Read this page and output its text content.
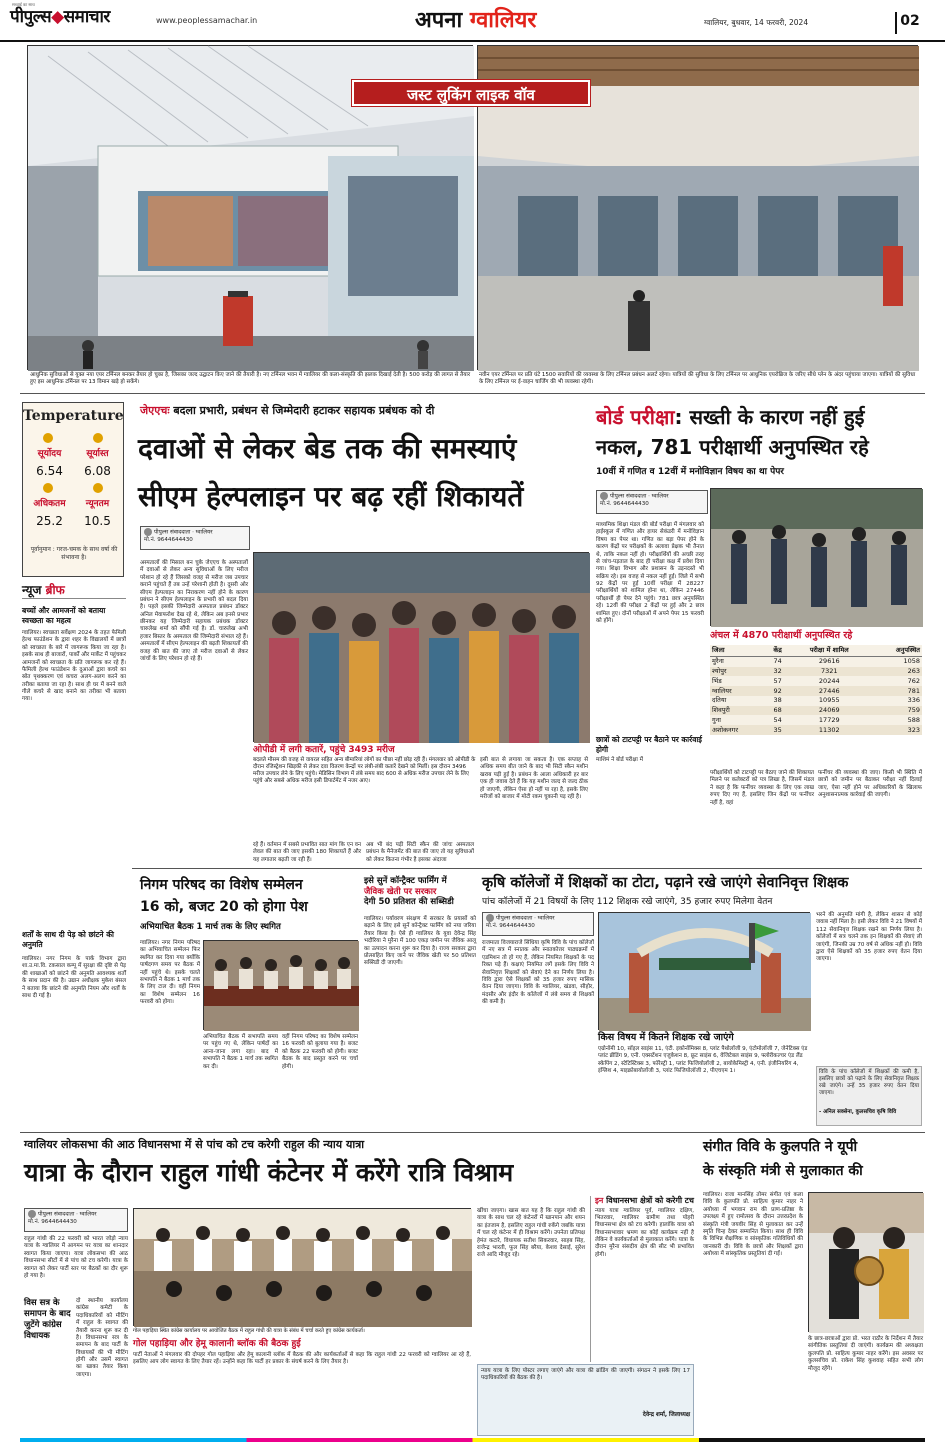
सच्चाई का साथ
पीपुल्स◆समाचार	www.peoplessamachar.in	अपना ग्वालियर	ग्वालियर, बुधवार, 14 फरवरी, 2024	02
जस्ट लुकिंग लाइक वॉव
आधुनिक सुविधाओं से युक्त नया एयर टर्मिनल बनकर तैयार हो चुका है, जिसका जल्द उद्घाटन किए जाने की तैयारी है। नए टर्मिनल भवन में ग्वालियर की कला-संस्कृति की झलक दिखाई देती है। 500 करोड़ की लागत से तैयार हुए इस आधुनिक टर्मिनल पर 13 विमान खड़े हो सकेंगे।
नवीन एयर टर्मिनल पर प्रति घंटे 1500 सवारियों की व्यवस्था के लिए टर्मिनल प्रबंधन अलर्ट रहेगा। यात्रियों की सुविधा के लिए टर्मिनल पर आधुनिक एयरोब्रिज के जरिए सीधे प्लेन के अंदर पहुंचाया जाएगा। यात्रियों की सुविधा के लिए टर्मिनल पर ई-वाहन चार्जिंग की भी व्यवस्था रहेगी।
Temperature
सूर्योदय	सूर्यास्त
6.54	6.08
अधिकतम	न्यूनतम
25.2	10.5
पूर्वानुमान : गरज-चमक के साथ वर्षा की संभावना है।
न्यूज ब्रीफ
बच्चों और आमजनों को बताया स्वच्छता का महत्व
ग्वालियर। स्वच्छता सर्वेक्षण 2024 के तहत फेमिली हेल्थ फाउंडेशन के द्वारा शहर के विद्यालयों में छात्रों को स्वच्छता के बारे में जागरूक किया जा रहा है। इसके साथ ही बाजारों, पार्कों और मार्केट में पहुंचकर आमजनों को स्वच्छता के प्रति जागरूक कर रहे हैं। फैमिली हेल्थ फाउंडेशन के दुआओं द्वारा कचरे का स्रोत पृथक्करण एवं कचरा अलग-अलग करने का तरीका बताया जा रहा है। साथ ही घर में बनने वाले गीले कचरे से खाद बनाने का तरीका भी बताया गया।
शर्तों के साथ दी पेड़ को छांटने की अनुमति
ग्वालियर। नगर निगम के पार्क विभाग द्वारा शा.उ.मा.वि. टकसाल कम्पू में सुरक्षा की दृष्टि से पेड़ की शाखाओं को छांटने की अनुमति आवश्यक शर्तों के साथ प्रदान की है। उद्यान अधीक्षक मुकेश बंसल ने बताया कि छांटने की अनुमति नियम और शर्तों के साथ दी गई है।
जेएएचः बदला प्रभारी, प्रबंधन से जिम्मेदारी हटाकर सहायक प्रबंधक को दी
दवाओं से लेकर बेड तक की समस्याएं
सीएम हेल्पलाइन पर बढ़ रहीं शिकायतें
पीपुल्स संवाददाता · ग्वालियर
मो.नं. 9644644430
अस्पतालों की मिसाल बन चुके जेएएच के अस्पतालों में दवाओं से लेकर अन्य सुविधाओं के लिए मरीज परेशान हो रहे हैं जिसको वजह से मरीज जब उपचार कराने पहुंचते हैं तब उन्हें परेशानी होती है। दूसरी ओर सीएम हेल्पलाइन का निराकरण नहीं होने के कारण प्रबंधन ने सीएम हेल्पलाइन के प्रभारी को बदल दिया है। पहले इसकी जिम्मेदारी अस्पताल प्रबंधन डॉक्टर अनिल मेवाफरोश देख रहे थे, लेकिन अब इनसे प्रभार छीनकर यह जिम्मेदारी सहायक प्रबंधक डॉक्टर चारुलेख शर्मा को सौंपी गई है। डॉ. चारुलेख अभी हजार बिस्तर के अस्पताल की जिम्मेदारी संभाल रहे हैं। अस्पतालों में सीएम हेल्पलाइन की बढ़ती शिकायतों की वजह की बात की जाए तो मरीज दवाओं से लेकर जांचों के लिए परेशान हो रहे हैं।
ओपीडी में लगी कतारें, पहुंचे 3493 मरीज
बदलते मौसम की वजह से वायरल सहित अन्य बीमारियां लोगों का पीछा नहीं छोड़ रही हैं। मंगलवार को ओपीडी के दौरान रजिस्ट्रेशन खिड़की से लेकर दवा वितरण केन्द्रों पर लंबी-लंबी कतारें देखने को मिलीं। इस दौरान 3496 मरीज उपचार लेने के लिए पहुंचे। मेडिसिन विभाग में लंबे समय बाद 600 से अधिक मरीज उपचार लेने के लिए पहुंचे और सबसे अधिक मरीज इसी डिपार्टमेंट में नजर आए।
इसी बात से लगाया जा सकता है। एक सप्ताह से अधिक समय बीत जाने के बाद भी सिटी स्कैन मशीन खराब पड़ी हुई है। प्रबंधन के आला अधिकारी हर बार एक ही जवाब देते हैं कि यह मशीन जल्द से जल्द ठीक हो जाएगी, लेकिन ऐसा हो नहीं पा रहा है, इसके लिए मरीजों को बाजार में मोटी रकम चुकानी पड़ रही है।
रहे हैं। वर्तमान में सबसे प्रभावित सात मांग कि एन वन लेवल की बात की जाए इसकी 180 शिकायतें हैं और यह लगातार बढ़ती जा रही हैं।
अब भी बंद पड़ी सिटी स्कैन की जांचः अस्पताल प्रबंधन के मैनेजमेंट की बात की जाए तो यह सुविधाओं को लेकर कितना गंभीर है इसका अंदाजा
बोर्ड परीक्षा: सख्ती के कारण नहीं हुई
नकल, 781 परीक्षार्थी अनुपस्थित रहे
10वीं में गणित व 12वीं में मनोविज्ञान विषय का था पेपर
पीपुल्स संवाददाता · ग्वालियर
मो.नं. 9644644430
माध्यमिक शिक्षा मंडल की बोर्ड परीक्षा में मंगलवार को हाईस्कूल में गणित और हायर सेकंडरी में मनोविज्ञान विषय का पेपर था। गणित का बड़ा पेपर होने के कारण केंद्रों पर परीक्षकों के अलावा प्रेक्षक भी तैनात थे, ताकि नकल नहीं हो। परीक्षार्थियों की अच्छी तरह से जांच-पड़ताल के बाद ही परीक्षा कक्ष में प्रवेश दिया गया। शिक्षा विभाग और प्रशासन के उड़नदस्ते भी सक्रिय रहे। इस वजह से नकल नहीं हुई। जिले में सभी 92 केंद्रों पर हुई 10वीं परीक्षा में 28227 परीक्षार्थियों को शामिल होना था, लेकिन 27446 परीक्षार्थी ही पेपर देने पहुंचे। 781 छात्र अनुपस्थित रहे। 12वीं की परीक्षा 2 केंद्रों पर हुई और 2 छात्र शामिल हुए। दोनों परीक्षाओं में अपने पेपर 15 फरवरी को होंगे।
छात्रों को टाटपट्टी पर बैठाने पर कार्रवाई होगी
माशिमं ने बोर्ड परीक्षा में
अंचल में 4870 परीक्षार्थी अनुपस्थित रहे
जिला	केंद्र	परीक्षा में शामिल	अनुपस्थित
मुरैना	74	29616	1058
श्योपुर	32	7321	263
भिंड	57	20244	762
ग्वालियर	92	27446	781
दतिया	38	10955	336
शिवपुरी	68	24069	759
गुना	54	17729	588
अशोकनगर	35	11302	323
परीक्षार्थियों को टाटपट्टी पर बैठाए जाने की शिकायत मिलने पर कलेक्टरों को पत्र लिखा है, जिसमें मंडल ने कहा है कि फर्नीचर व्यवस्था के लिए एक लाख रुपए दिए गए हैं, इसलिए जिन केंद्रों पर फर्नीचर नहीं है, वहां
फर्नीचर की व्यवस्था की जाए। किसी भी स्थिति में छात्रों को जमीन पर बैठाकर परीक्षा नहीं दिलाई जाए, ऐसा नहीं होने पर अधिकारियों के खिलाफ अनुशासनात्मक कार्रवाई की जाएगी।
निगम परिषद का विशेष सम्मेलन
16 को, बजट 20 को होगा पेश
अभियाचित बैठक 1 मार्च तक के लिए स्थगित
ग्वालियर। नगर निगम परिषद का अभियाचित सम्मेलन फिर स्थगित कर दिया गया क्योंकि पार्षदगण समय पर बैठक में नहीं पहुंचे थे। इसके चलते सभापति ने बैठक 1 मार्च तक के लिए टाल दी। वहीं निगम का विशेष सम्मेलन 16 फरवरी को होगा।
अभियाचित बैठक में सभापति समय पर पहुंच गए थे, लेकिन पार्षदों का आना-जाना लगा रहा। बाद में सभापति ने बैठक 1 मार्च तक स्थगित कर दी।
वहीं निगम परिषद का विशेष सम्मेलन 16 फरवरी को बुलाया गया है। बजट को बैठक 22 फरवरी को होगी। बजट बैठक के बाद प्रस्तुत करने पर चर्चा होगी।
इसे सुनें कॉन्ट्रैक्ट फार्मिंग में
जैविक खेती पर सरकार
देगी 50 प्रतिशत की सब्सिडी
ग्वालियर। पर्यावरण संरक्षण में सरकार के प्रयासों को बढ़ाने के लिए इसे सुनें कॉन्ट्रैक्ट फार्मिंग को नया जरिया तैयार किया है। ऐसे ही ग्वालियर के युवा देवेन्द्र सिंह भदौरिया ने मुरैना में 100 एकड़ जमीन पर जैविक आलू का उत्पादन करना शुरू कर दिया है। राज्य सरकार द्वारा प्रोत्साहित किए जाने पर जैविक खेती पर 50 प्रतिशत सब्सिडी दी जाएगी।
कृषि कॉलेजों में शिक्षकों का टोटा, पढ़ाने रखे जाएंगे सेवानिवृत्त शिक्षक
पांच कॉलेजों में 21 विषयों के लिए 112 शिक्षक रखे जाएंगे, 35 हजार रुपए मिलेगा वेतन
पीपुल्स संवाददाता · ग्वालियर
मो.नं. 9644644430
राजमाता विजयाराजे सिंधिया कृषि विवि के पांच कॉलेजों में नए सत्र में स्नातक और स्नातकोत्तर पाठ्यक्रमों में एडमिशन तो हो गए हैं, लेकिन नियमित शिक्षकों के पद रिक्त पड़े हैं। कक्षाएं नियमित लगें इसके लिए विवि ने सेवानिवृत्त शिक्षकों को सेवाएं देने का निर्णय लिया है। विवि द्वारा ऐसे शिक्षकों को 35 हजार रुपए मासिक वेतन दिया जाएगा। विवि के ग्वालियर, खंडवा, सीहोर, मंदसौर और इंदौर के कॉलेजों में लंबे समय से शिक्षकों की कमी है।
किस विषय में कितने शिक्षक रखे जाएंगे
एग्रोनॉमी 10, सॉइल साइंस 11, एंटी. इकोनॉमिक्स 8, प्लांट पैथोलॉजी 9, एंटोमोलॉजी 7, जेनेटिक्स एंड प्लांट ब्रीडिंग 9, एनी. एक्सटेंशन एजुकेशन 8, फ्रूट साइंस 6, वेजिटेबल साइंस 9, फ्लोरीकल्चर एंड लैंड स्केपिंग 2, स्टेटिस्टिक्स 3, फॉरेस्ट्री 1, प्लांट फिजियोलॉजी 2, बायोकेमिस्ट्री 4, एनी. इंजीनियरिंग 4, इंग्लिश 4, माइक्रोबायोलॉजी 3, प्लांट फिजियोलॉजी 2, पीएचएम 1।
भरने की अनुमति मांगी है, लेकिन शासन से कोई जवाब नहीं मिला है। इसी लेकर विवि ने 21 विषयों में 112 सेवानिवृत्त शिक्षक रखने का निर्णय लिया है। कॉलेजों में सत्र चलने तक इन शिक्षकों की सेवाएं ली जाएंगी, जिनकी उम्र 70 वर्ष से अधिक नहीं हो। विवि द्वारा ऐसे शिक्षकों को 35 हजार रुपए वेतन दिया जाएगा।
विवि के पांच कॉलेजों में शिक्षकों की कमी है, इसलिए छात्रों को पढ़ाने के लिए सेवानिवृत्त शिक्षक रखे जाएंगे। उन्हें 35 हजार रुपए वेतन दिया जाएगा।
- अनिल सक्सेना, कुलसचिव कृषि विवि
ग्वालियर लोकसभा की आठ विधानसभा में से पांच को टच करेगी राहुल की न्याय यात्रा
यात्रा के दौरान राहुल गांधी कंटेनर में करेंगे रात्रि विश्राम
पीपुल्स संवाददाता · ग्वालियर
मो.नं. 9644644430
राहुल गांधी की 22 फरवरी को भारत जोड़ो न्याय यात्रा के ग्वालियर में आगमन पर यात्रा का शानदार स्वागत किया जाएगा। यात्रा लोकसभा की आठ विधानसभा सीटों में से पांच को टच करेगी। यात्रा के स्वागत को लेकर पार्टी स्तर पर बैठकों का दौर शुरू हो गया है।
विस सत्र के समापन के बाद जुटेंगे कांग्रेस विधायक
दो स्थानीय कार्यालय कांग्रेस कमेटी के पदाधिकारियों को मीटिंग में राहुल के स्वागत की तैयारी करना शुरू कर दी है। विधानसभा सत्र के समापन के बाद पार्टी के विधायकों की भी मीटिंग होगी और उसमें स्वागत का खाका तैयार किया जाएगा।
गोल पहाड़िया स्थित कांग्रेस कार्यालय पर आयोजित बैठक में राहुल गांधी की यात्रा के संबंध में चर्चा करते हुए कांग्रेस कार्यकर्ता।
गोल पहाड़िया और हेमू कालानी ब्लॉक की बैठक हुई
पार्टी नेताओं ने मंगलवार की दोपहर गोल पहाड़िया और हेमू कालानी ब्लॉक में बैठक की और कार्यकर्ताओं से कहा कि राहुल गांधी 22 फरवरी को ग्वालियर आ रहे हैं, इसलिए आप लोग स्वागत के लिए तैयार रहें। उन्होंने कहा कि पार्टी हर प्रकार के संघर्ष करने के लिए तैयार है।
खींचा जाएगा। खास बात यह है कि राहुल गांधी की यात्रा के साथ चल रहे कंटेनरों में खानपान और शयन का इंतजाम है, इसलिए राहुल गांधी रुकेंगे जबकि यात्रा में चल रहे कंटेनर में ही विश्राम करेंगे। उपनेता प्रतिपक्ष हेमंत कटारे, विधायक सतीश सिकरवार, साहब सिंह, राजेन्द्र भारती, फूल सिंह बरैया, केशव देसाई, सुरेश राजे आदि मौजूद रहे।
इन विधानसभा क्षेत्रों को करेगी टच
न्याय यात्रा ग्वालियर पूर्व, ग्वालियर दक्षिण, भितरवार, ग्वालियर ग्रामीण तथा पोहरी विधानसभा क्षेत्र को टच करेगी। हालांकि यात्रा को विधानसभावार भ्रमण का कोई कार्यक्रम नहीं है लेकिन वे कार्यकर्ताओं से मुलाकात करेंगे। यात्रा के दौरान मुरैना संसदीय क्षेत्र की सीट भी प्रभावित होगी।
न्याय यात्रा के लिए पोस्टर लगाए जाएंगे और यात्रा की ब्रांडिंग की जाएगी। संगठन ने इसके लिए 17 पदाधिकारियों की बैठक की है।
देवेन्द्र शर्मा, जिलाध्यक्ष
संगीत विवि के कुलपति ने यूपी
के संस्कृति मंत्री से मुलाकात की
ग्वालियर। राजा मानसिंह तोमर संगीत एवं कला विवि के कुलपति प्रो. साहित्य कुमार नाहर ने अयोध्या में भगवान राम की प्राण-प्रतिष्ठा के उपलक्ष्य में हुए रामोत्सव के दौरान उत्तरप्रदेश के संस्कृति मंत्री जयवीर सिंह से मुलाकात कर उन्हें स्मृति चिन्ह देकर सम्मानित किया। साथ ही विवि के विभिन्न शैक्षणिक व सांस्कृतिक गतिविधियों की जानकारी दी। विवि के छात्रों और शिक्षकों द्वारा अयोध्या में सांस्कृतिक प्रस्तुतियां दी गईं।
के छात्र-छात्राओं द्वारा प्रो. भरत राठौर के निर्देशन में तैयार सांगीतिक प्रस्तुतियां दी जाएंगी। कार्यक्रम की अध्यक्षता कुलपति प्रो. साहित्य कुमार नाहर करेंगे। इस अवसर पर कुलसचिव प्रो. राकेश सिंह कुशवाह सहित सभी लोग मौजूद रहेंगे।
